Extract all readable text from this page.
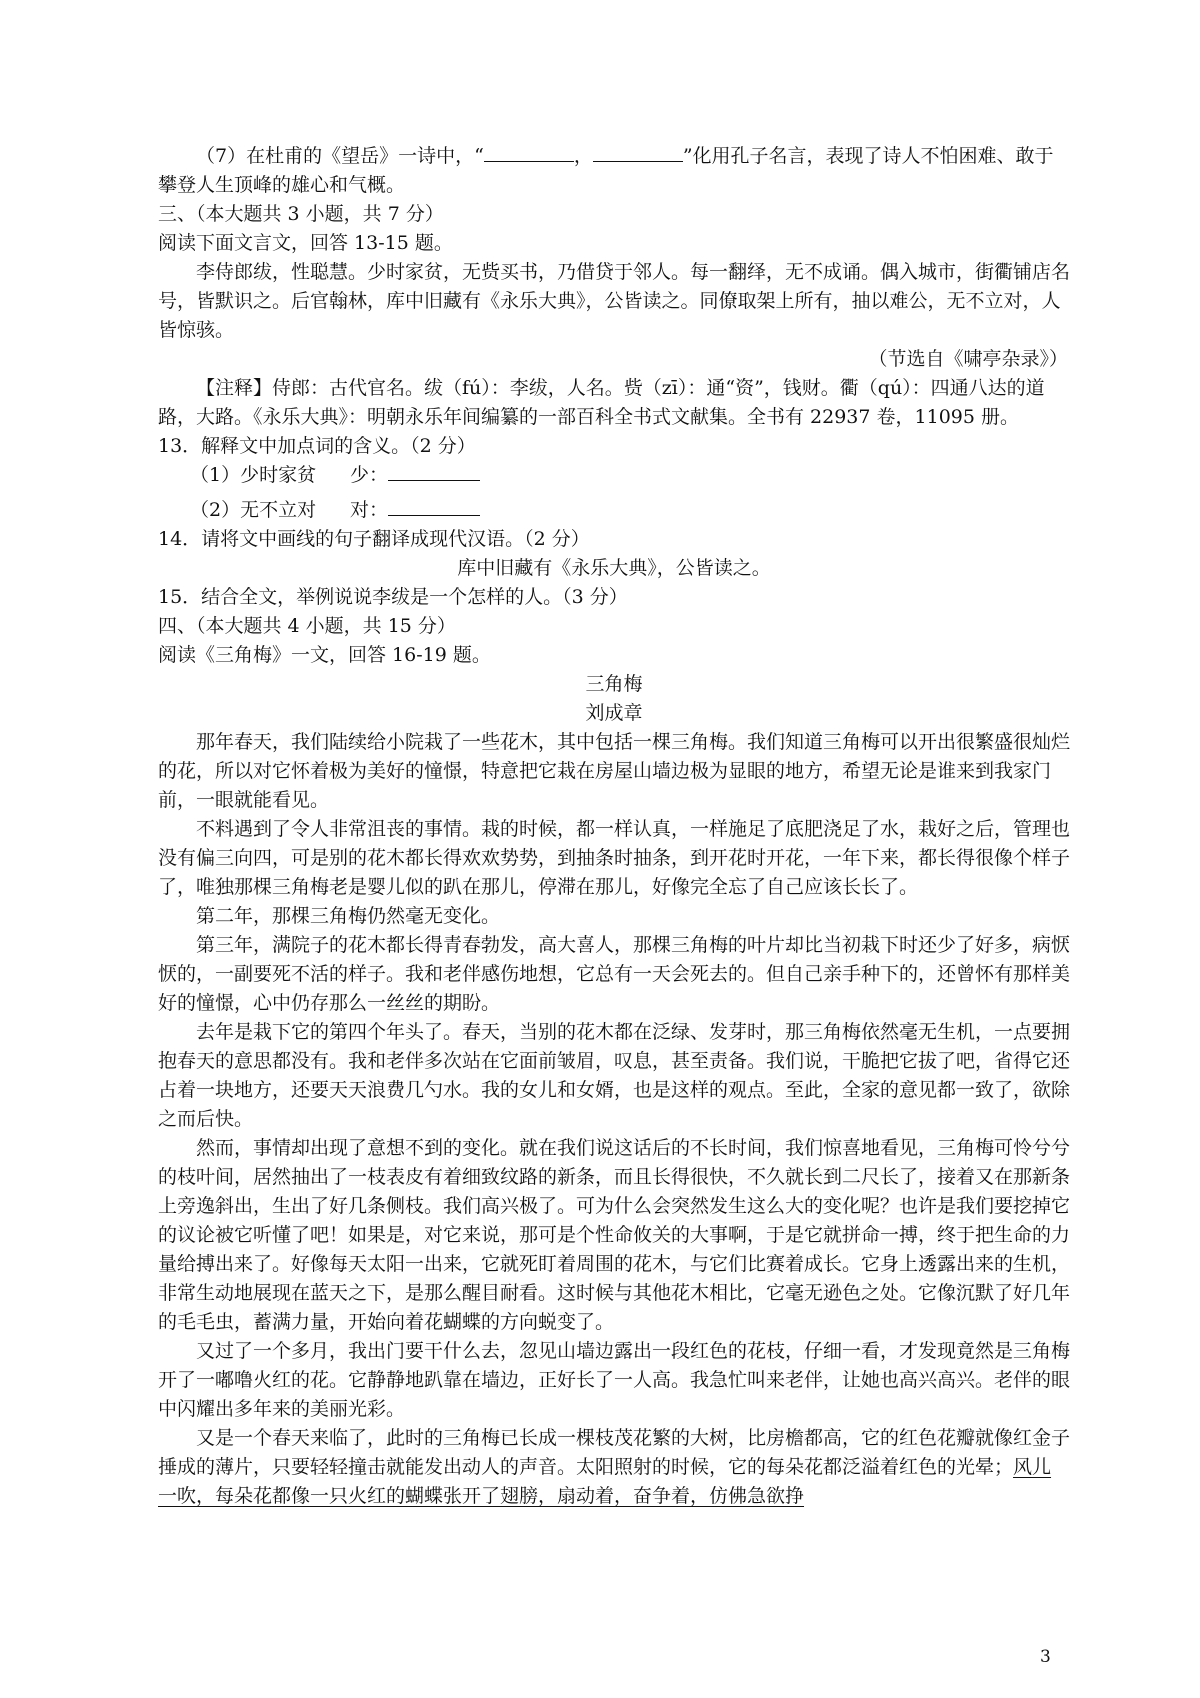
（7）在杜甫的《望岳》一诗中，“	，	”化用孔子名言，表现了诗人不怕困难、敢于攀登人生顶峰的雄心和气概。

三、（本大题共 3 小题，共 7 分）

阅读下面文言文，回答 13-15 题。

李侍郎绂，性聪慧。少时家贫，无赀买书，乃借贷于邻人。每一翻绎，无不成诵。偶入城市，街衢铺店名号，皆默识之。后官翰林，库中旧藏有《永乐大典》，公皆读之。同僚取架上所有，抽以难公，无不立对，人皆惊骇。

（节选自《啸亭杂录》）

【注释】侍郎：古代官名。绂（fú）：李绂，人名。赀（zī）：通“资”，钱财。衢（qú）：四通八达的道路，大路。《永乐大典》：明朝永乐年间编纂的一部百科全书式文献集。全书有 22937 卷，11095 册。

13．解释文中加点词的含义。（2 分）

（1）少时家贫 少：

（2）无不立对 对：

14．请将文中画线的句子翻译成现代汉语。（2 分）

库中旧藏有《永乐大典》，公皆读之。

15．结合全文，举例说说李绂是一个怎样的人。（3 分）

四、（本大题共 4 小题，共 15 分）

阅读《三角梅》一文，回答 16-19 题。

三角梅

刘成章

那年春天，我们陆续给小院栽了一些花木，其中包括一棵三角梅。我们知道三角梅可以开出很繁盛很灿烂的花，所以对它怀着极为美好的憧憬，特意把它栽在房屋山墙边极为显眼的地方，希望无论是谁来到我家门前，一眼就能看见。

不料遇到了令人非常沮丧的事情。栽的时候，都一样认真，一样施足了底肥浇足了水，栽好之后，管理也没有偏三向四，可是别的花木都长得欢欢势势，到抽条时抽条，到开花时开花，一年下来，都长得很像个样子了，唯独那棵三角梅老是婴儿似的趴在那儿，停滞在那儿，好像完全忘了自己应该长长了。

第二年，那棵三角梅仍然毫无变化。

第三年，满院子的花木都长得青春勃发，高大喜人，那棵三角梅的叶片却比当初栽下时还少了好多，病恹恹的，一副要死不活的样子。我和老伴感伤地想，它总有一天会死去的。但自己亲手种下的，还曾怀有那样美好的憧憬，心中仍存那么一丝丝的期盼。

去年是栽下它的第四个年头了。春天，当别的花木都在泛绿、发芽时，那三角梅依然毫无生机，一点要拥抱春天的意思都没有。我和老伴多次站在它面前皱眉，叹息，甚至责备。我们说，干脆把它拔了吧，省得它还占着一块地方，还要天天浪费几勺水。我的女儿和女婿，也是这样的观点。至此，全家的意见都一致了，欲除之而后快。

然而，事情却出现了意想不到的变化。就在我们说这话后的不长时间，我们惊喜地看见，三角梅可怜兮兮的枝叶间，居然抽出了一枝表皮有着细致纹路的新条，而且长得很快，不久就长到二尺长了，接着又在那新条上旁逸斜出，生出了好几条侧枝。我们高兴极了。可为什么会突然发生这么大的变化呢？也许是我们要挖掉它的议论被它听懂了吧！如果是，对它来说，那可是个性命攸关的大事啊，于是它就拼命一搏，终于把生命的力量给搏出来了。好像每天太阳一出来，它就死盯着周围的花木，与它们比赛着成长。它身上透露出来的生机，非常生动地展现在蓝天之下，是那么醒目耐看。这时候与其他花木相比，它毫无逊色之处。它像沉默了好几年的毛毛虫，蓄满力量，开始向着花蝴蝶的方向蜕变了。

又过了一个多月，我出门要干什么去，忽见山墙边露出一段红色的花枝，仔细一看，才发现竟然是三角梅开了一嘟噜火红的花。它静静地趴靠在墙边，正好长了一人高。我急忙叫来老伴，让她也高兴高兴。老伴的眼中闪耀出多年来的美丽光彩。

又是一个春天来临了，此时的三角梅已长成一棵枝茂花繁的大树，比房檐都高，它的红色花瓣就像红金子捶成的薄片，只要轻轻撞击就能发出动人的声音。太阳照射的时候，它的每朵花都泛溢着红色的光晕；风儿一吹，每朵花都像一只火红的蝴蝶张开了翅膀，扇动着，奋争着，仿佛急欲挣

3
